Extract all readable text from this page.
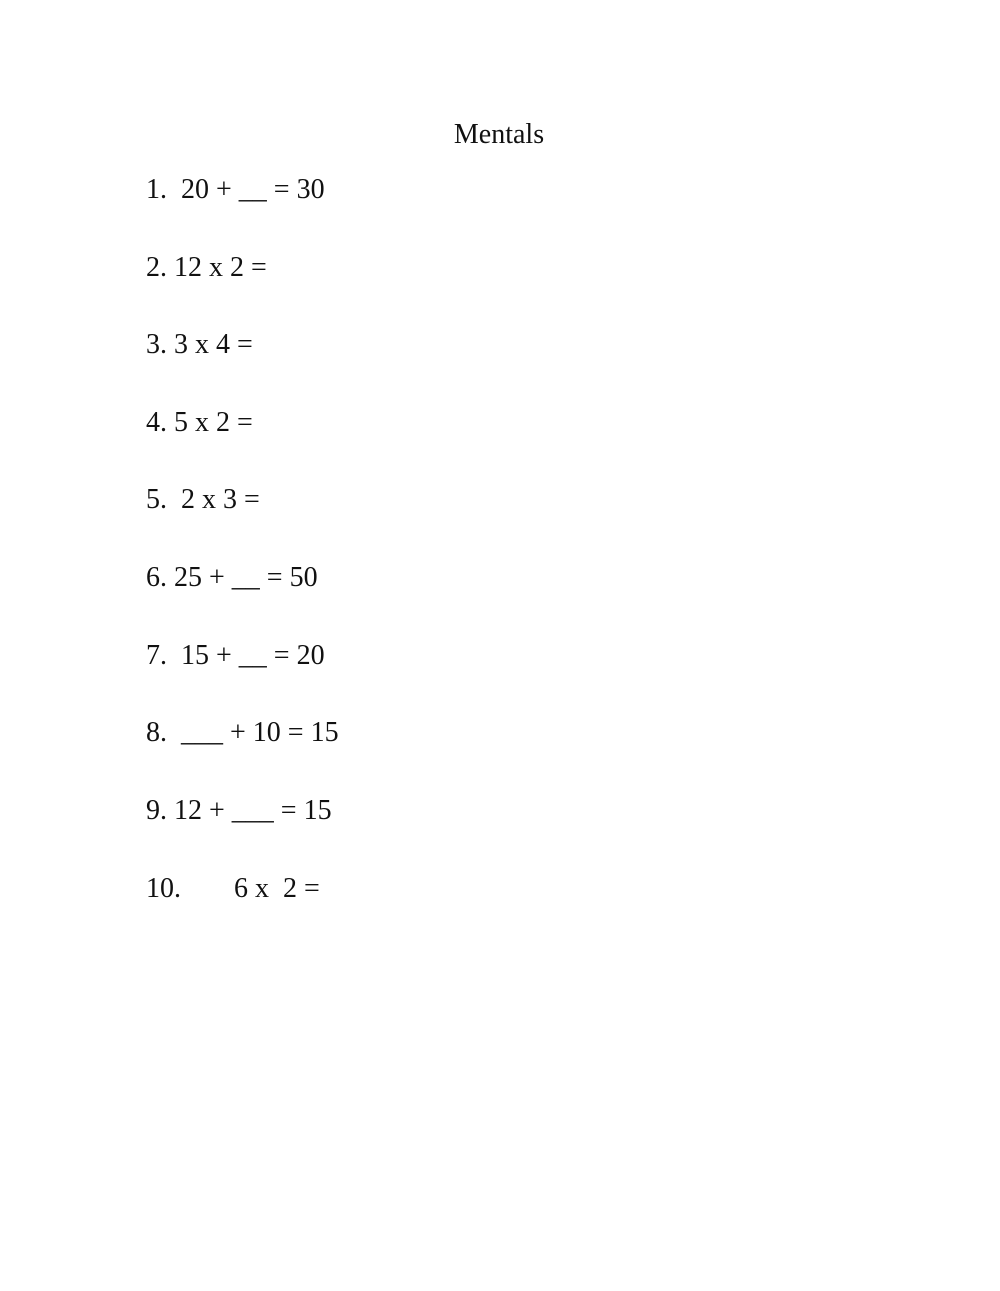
Mentals
1.  20 + __ = 30
2. 12 x 2 =
3. 3 x 4 =
4. 5 x 2 =
5.  2 x 3 =
6. 25 + __ = 50
7.  15 + __ = 20
8.  ___ + 10 = 15
9. 12 + ___ = 15
10. 6 x  2 =
